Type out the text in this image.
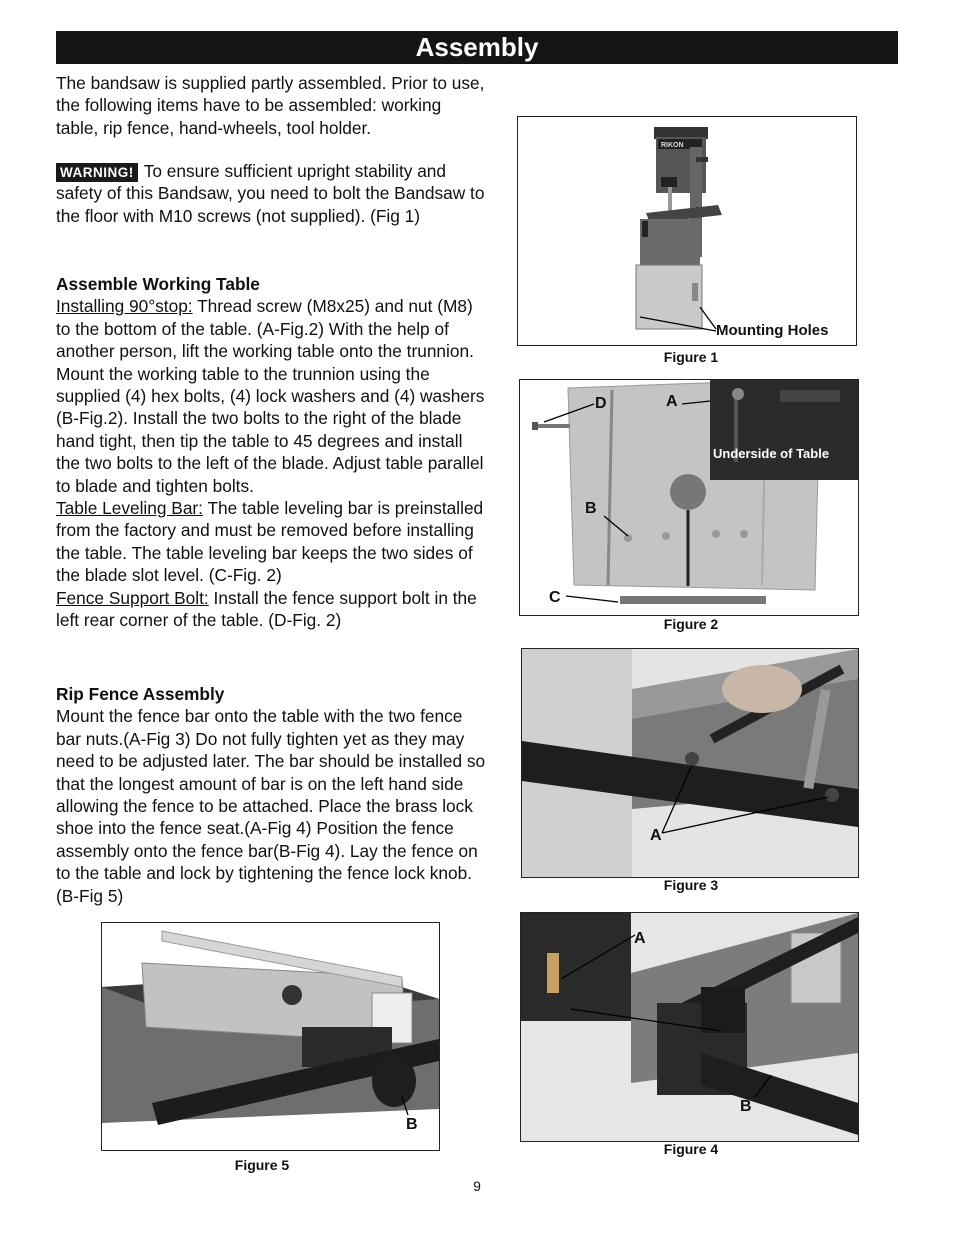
Assembly

The bandsaw is supplied partly assembled. Prior to use, the following items have to be assembled: working table, rip fence, hand-wheels, tool holder.

WARNING! To ensure sufficient upright stability and safety of this Bandsaw, you need to bolt the Bandsaw to the floor with M10 screws (not supplied). (Fig 1)

Assemble Working Table

Installing 90°stop: Thread screw (M8x25) and nut (M8) to the bottom of the table. (A-Fig.2) With the help of another person, lift the working table onto the trunnion. Mount the working table to the trunnion using the supplied (4) hex bolts, (4) lock washers and (4) washers (B-Fig.2). Install the two bolts to the right of the blade hand tight, then tip the table to 45 degrees and install the two bolts to the left of the blade. Adjust table parallel to blade and tighten bolts.

Table Leveling Bar: The table leveling bar is preinstalled from the factory and must be removed before installing the table. The table leveling bar keeps the two sides of the blade slot level. (C-Fig. 2)

Fence Support Bolt: Install the fence support bolt in the left rear corner of the table. (D-Fig. 2)

Rip Fence Assembly

Mount the fence bar onto the table with the two fence bar nuts.(A-Fig 3) Do not fully tighten yet as they may need to be adjusted later. The bar should be installed so that the longest amount of bar is on the left hand side allowing the fence to be attached. Place the brass lock shoe into the fence seat.(A-Fig 4) Position the fence assembly onto the fence bar(B-Fig 4). Lay the fence on to the table and lock by tightening the fence lock knob. (B-Fig 5)

RIKON
Mounting Holes
Figure 1
D	A
B
C
Underside of Table
Figure 2
A
Figure 3
A
B
Figure 4
B
Figure 5
9
